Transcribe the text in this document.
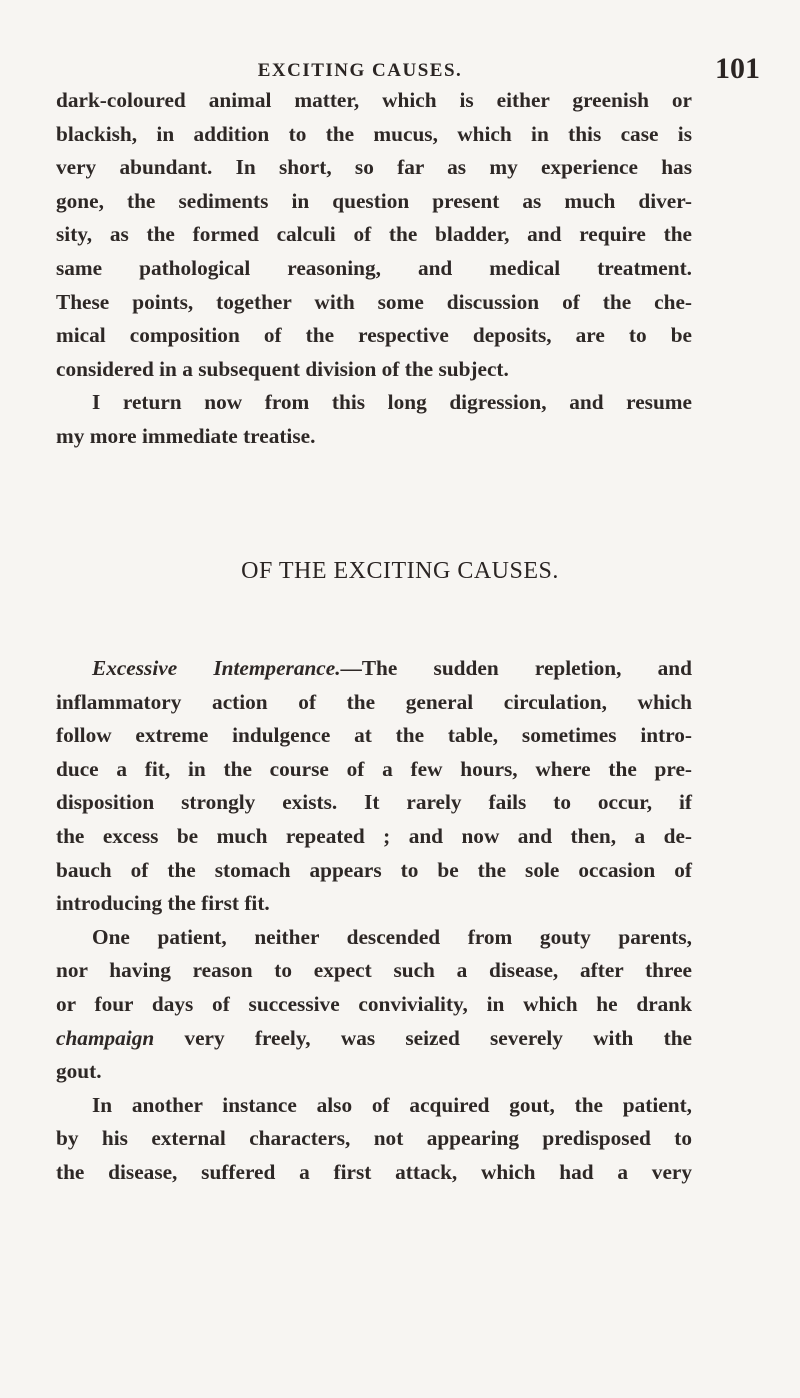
EXCITING CAUSES.	101
dark-coloured animal matter, which is either greenish or
blackish, in addition to the mucus, which in this case is
very abundant. In short, so far as my experience has
gone, the sediments in question present as much diver-
sity, as the formed calculi of the bladder, and require the
same pathological reasoning, and medical treatment.
These points, together with some discussion of the che-
mical composition of the respective deposits, are to be
considered in a subsequent division of the subject.
I return now from this long digression, and resume
my more immediate treatise.
OF THE EXCITING CAUSES.
Excessive Intemperance.—The sudden repletion, and
inflammatory action of the general circulation, which
follow extreme indulgence at the table, sometimes intro-
duce a fit, in the course of a few hours, where the pre-
disposition strongly exists. It rarely fails to occur, if
the excess be much repeated ; and now and then, a de-
bauch of the stomach appears to be the sole occasion of
introducing the first fit.
One patient, neither descended from gouty parents,
nor having reason to expect such a disease, after three
or four days of successive conviviality, in which he drank
champaign very freely, was seized severely with the
gout.
In another instance also of acquired gout, the patient,
by his external characters, not appearing predisposed to
the disease, suffered a first attack, which had a very
